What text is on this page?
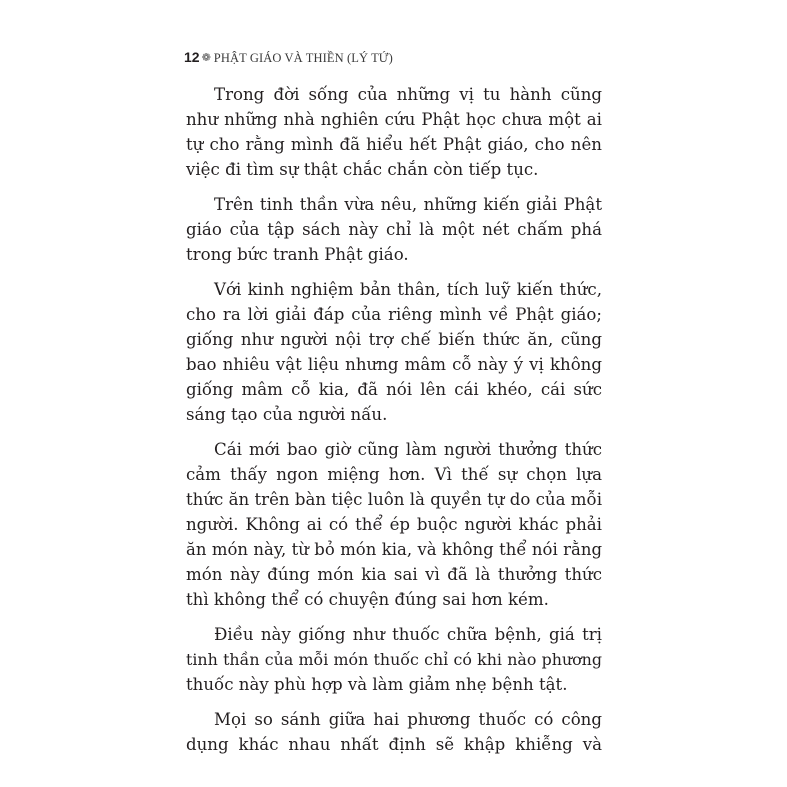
12 ❁ PHẬT GIÁO VÀ THIỀN (LÝ TỨ)

Trong đời sống của những vị tu hành cũng
như những nhà nghiên cứu Phật học chưa một ai
tự cho rằng mình đã hiểu hết Phật giáo, cho nên
việc đi tìm sự thật chắc chắn còn tiếp tục.

Trên tinh thần vừa nêu, những kiến giải Phật
giáo của tập sách này chỉ là một nét chấm phá
trong bức tranh Phật giáo.

Với kinh nghiệm bản thân, tích luỹ kiến thức,
cho ra lời giải đáp của riêng mình về Phật giáo;
giống như người nội trợ chế biến thức ăn, cũng
bao nhiêu vật liệu nhưng mâm cỗ này ý vị không
giống mâm cỗ kia, đã nói lên cái khéo, cái sức
sáng tạo của người nấu.

Cái mới bao giờ cũng làm người thưởng thức
cảm thấy ngon miệng hơn. Vì thế sự chọn lựa
thức ăn trên bàn tiệc luôn là quyền tự do của mỗi
người. Không ai có thể ép buộc người khác phải
ăn món này, từ bỏ món kia, và không thể nói rằng
món này đúng món kia sai vì đã là thưởng thức
thì không thể có chuyện đúng sai hơn kém.

Điều này giống như thuốc chữa bệnh, giá trị
tinh thần của mỗi món thuốc chỉ có khi nào phương
thuốc này phù hợp và làm giảm nhẹ bệnh tật.

Mọi so sánh giữa hai phương thuốc có công
dụng khác nhau nhất định sẽ khập khiễng và
